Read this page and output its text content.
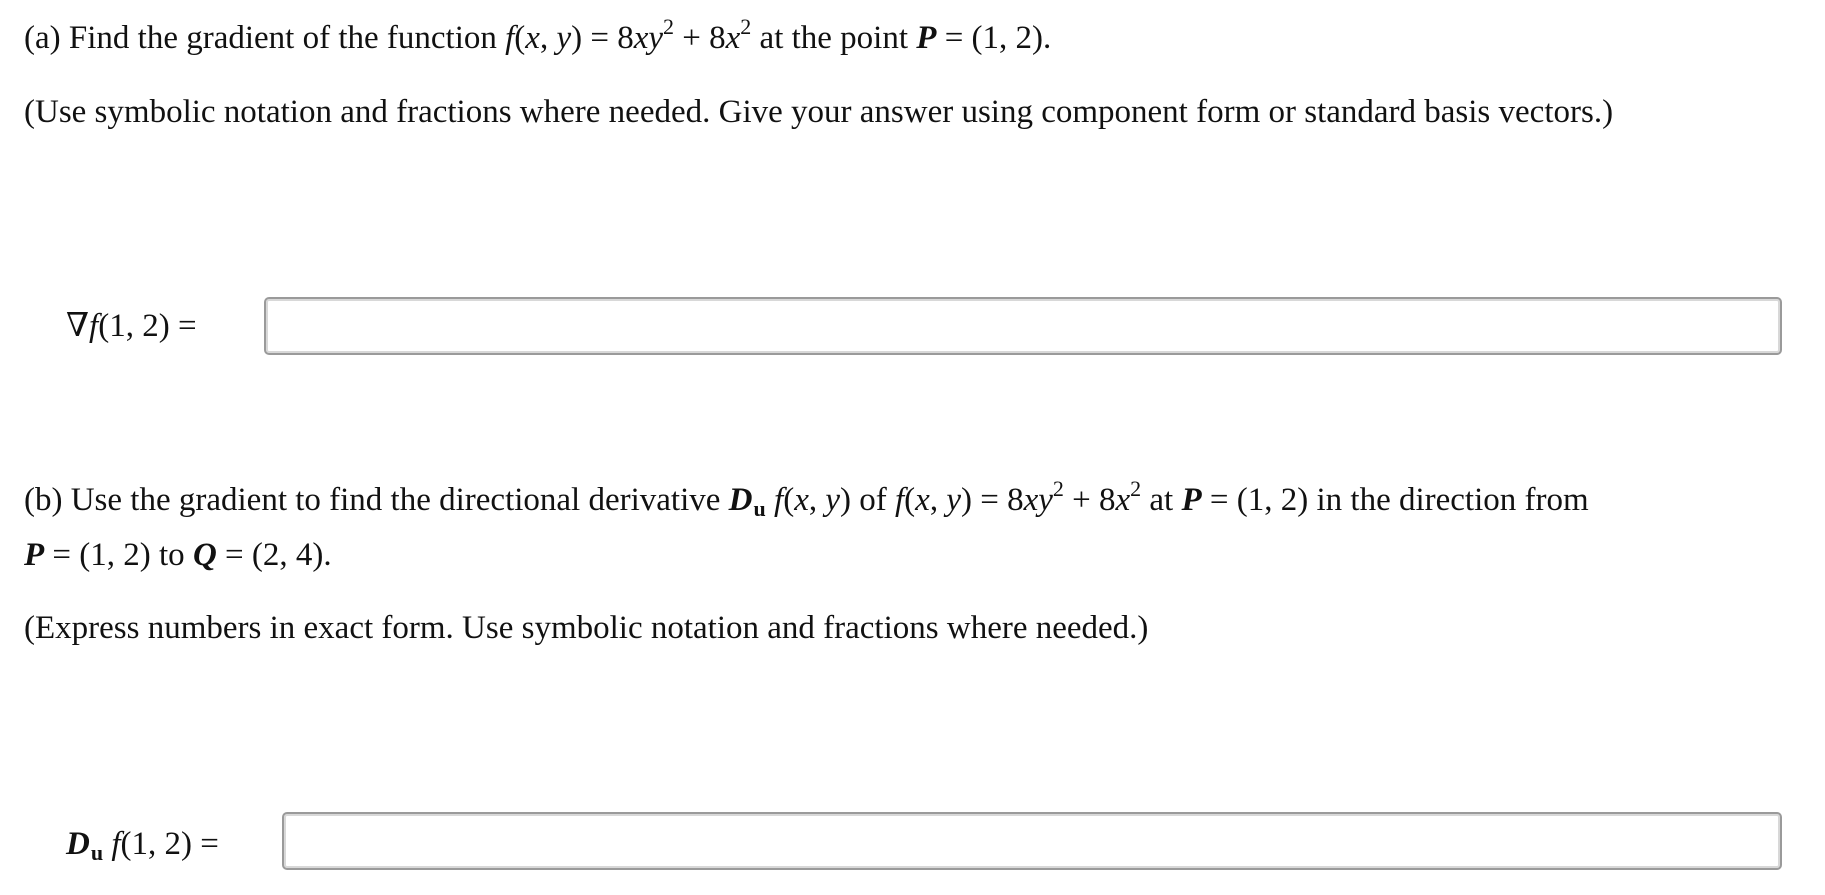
(a) Find the gradient of the function f(x, $y) = 8xy^2 + 8x^2$ at the point P = (1, 2).
(Use symbolic notation and fractions where needed. Give your answer using component form or standard basis vectors.)
∇f(1, 2) =
(b) Use the gradient to find the directional derivative Du f(x, y) of f(x, $y) = 8xy^2 + 8x^2$ at P = (1, 2) in the direction from
P = (1, 2) to Q = (2, 4).
(Express numbers in exact form. Use symbolic notation and fractions where needed.)
Du f(1, 2) =
